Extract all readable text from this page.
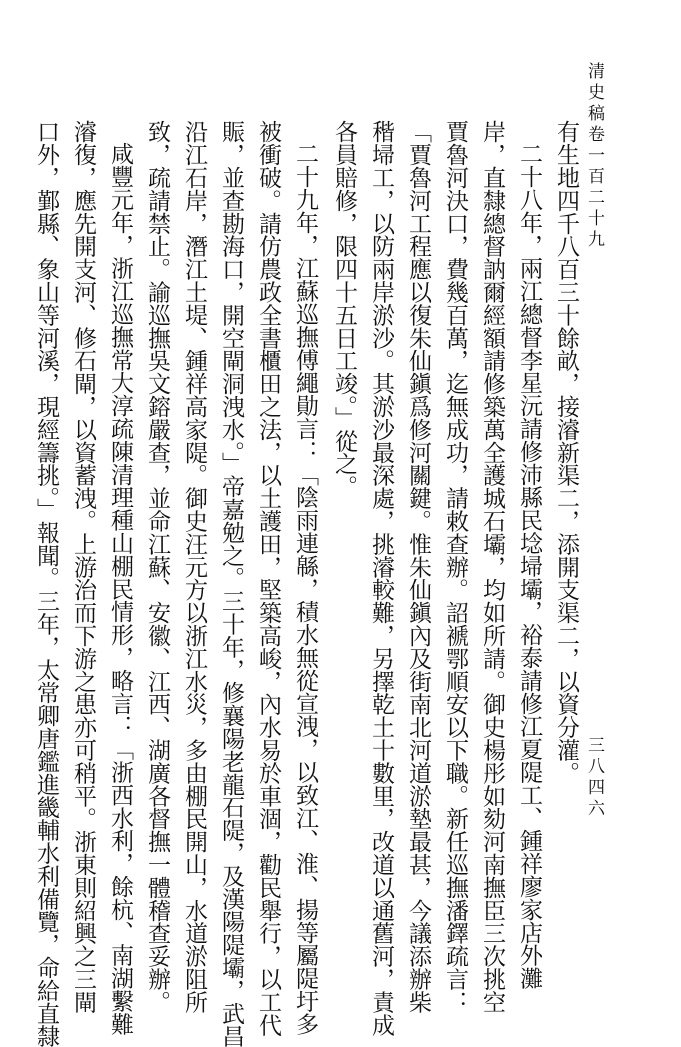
清史稿卷一百二十九
三八四六
有生地四千八百三十餘畝，接濬新渠二，添開支渠二，以資分灌。
二十八年，兩江總督李星沅請修沛縣民埝埽壩，裕泰請修江夏隄工、鍾祥廖家店外灘
岸，直隸總督訥爾經額請修築萬全護城石壩，均如所請。御史楊彤如劾河南撫臣三次挑空
賈魯河決口，費幾百萬，迄無成功，請敕查辦。詔褫鄂順安以下職。新任巡撫潘鐸疏言：
「賈魯河工程應以復朱仙鎭爲修河關鍵。惟朱仙鎭內及街南北河道淤墊最甚，今議添辦柴
稭埽工，以防兩岸淤沙。其淤沙最深處，挑濬較難，另擇乾土十數里，改道以通舊河，責成
各員賠修，限四十五日工竣。」從之。
二十九年，江蘇巡撫傅繩勛言：「陰雨連緜，積水無從宣洩，以致江、淮、揚等屬隄圩多
被衝破。請仿農政全書櫃田之法，以土護田，堅築高峻，內水易於車涸，勸民舉行，以工代
賑，並查勘海口，開空閘洞洩水。」帝嘉勉之。三十年，修襄陽老龍石隄，及漢陽隄壩，武昌
沿江石岸，潛江土堤、鍾祥高家隄。御史汪元方以浙江水災，多由棚民開山，水道淤阻所
致，疏請禁止。諭巡撫吳文鎔嚴查，並命江蘇、安徽、江西、湖廣各督撫一體稽查妥辦。
咸豐元年，浙江巡撫常大淳疏陳清理種山棚民情形，略言：「浙西水利，餘杭、南湖繫難
濬復，應先開支河、修石閘，以資蓄洩。上游治而下游之患亦可稍平。浙東則紹興之三閘
口外，鄞縣、象山等河溪，現經籌挑。」報聞。三年，太常卿唐鑑進畿輔水利備覽，命給直隸
